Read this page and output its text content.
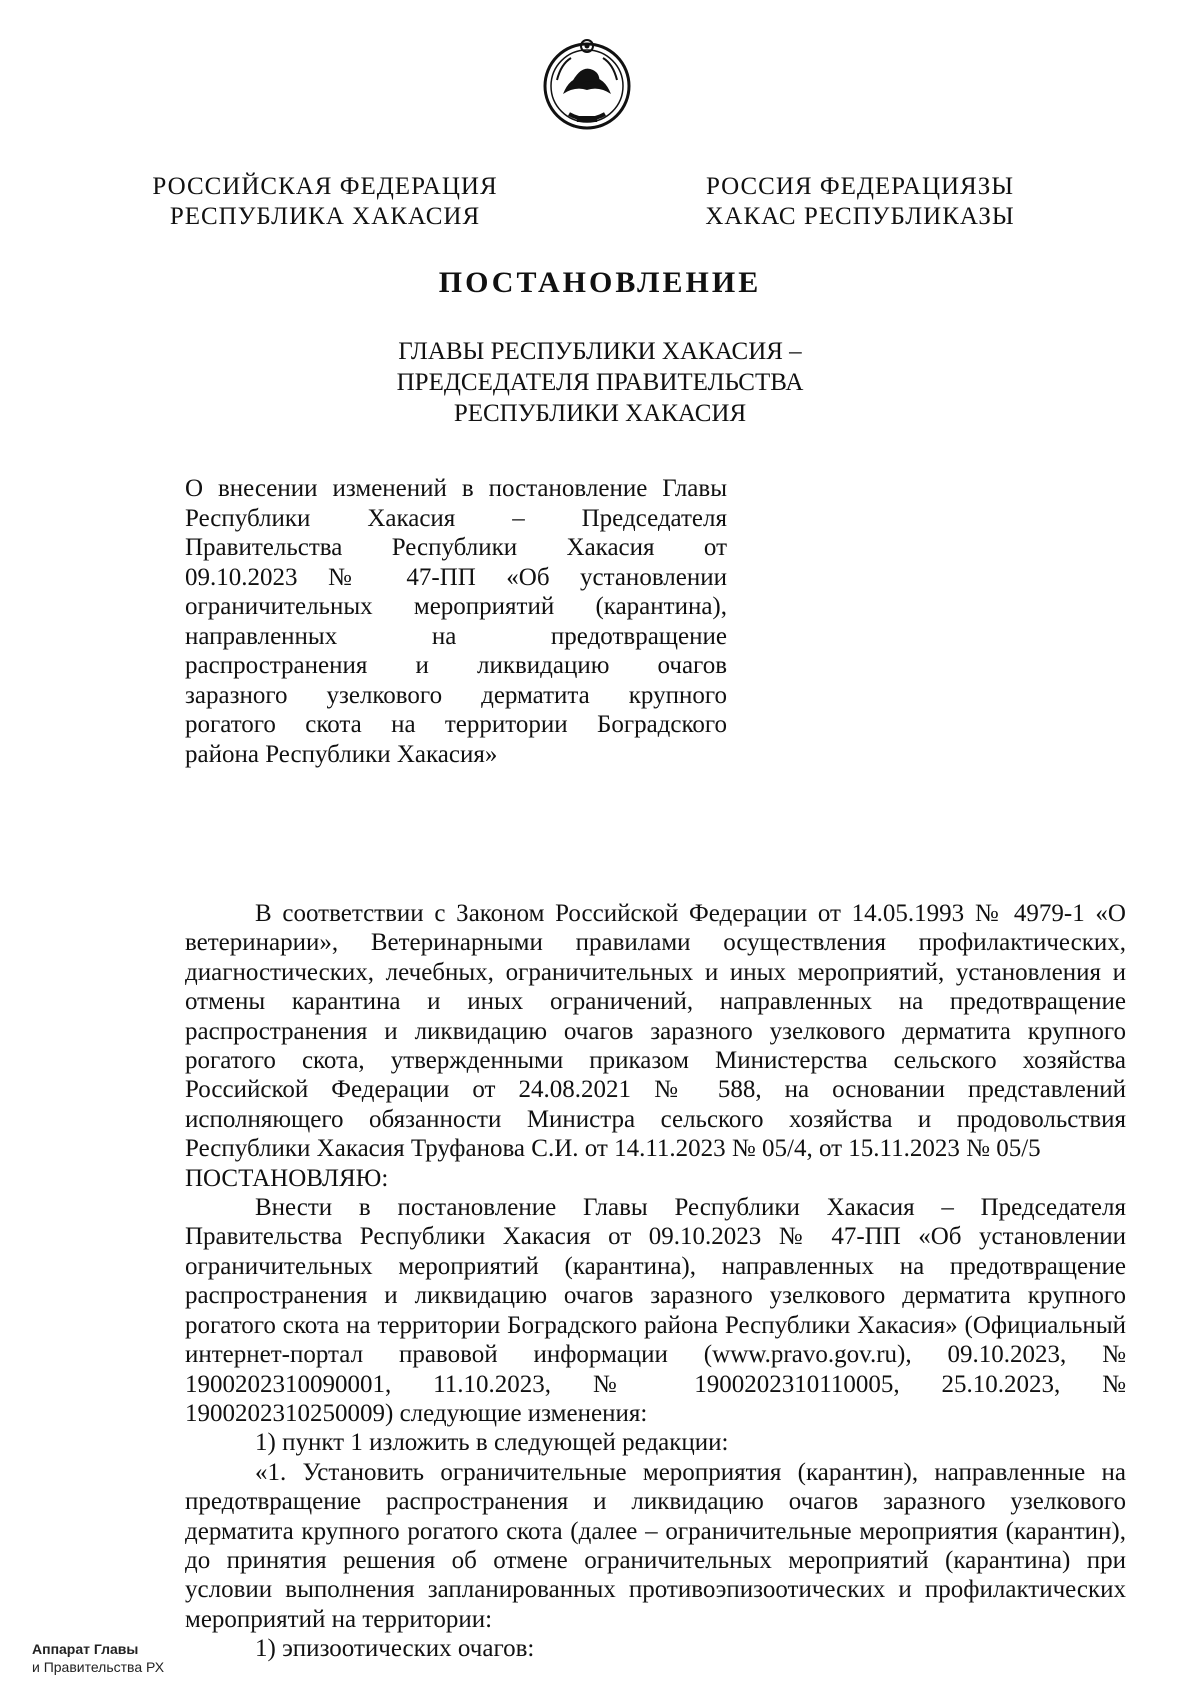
РОССИЙСКАЯ ФЕДЕРАЦИЯ
РЕСПУБЛИКА ХАКАСИЯ
РОССИЯ ФЕДЕРАЦИЯЗЫ
ХАКАС РЕСПУБЛИКАЗЫ
ПОСТАНОВЛЕНИЕ
ГЛАВЫ РЕСПУБЛИКИ ХАКАСИЯ –
ПРЕДСЕДАТЕЛЯ ПРАВИТЕЛЬСТВА
РЕСПУБЛИКИ ХАКАСИЯ
О внесении изменений в постановление Главы
Республики Хакасия – Председателя
Правительства Республики Хакасия от
09.10.2023 № 47-ПП «Об установлении
ограничительных мероприятий (карантина),
направленных на предотвращение
распространения и ликвидацию очагов
заразного узелкового дерматита крупного
рогатого скота на территории Боградского
района Республики Хакасия»

В соответствии с Законом Российской Федерации от 14.05.1993 № 4979-1 «О ветеринарии», Ветеринарными правилами осуществления профилактических, диагностических, лечебных, ограничительных и иных мероприятий, установления и отмены карантина и иных ограничений, направленных на предотвращение распространения и ликвидацию очагов заразного узелкового дерматита крупного рогатого скота, утвержденными приказом Министерства сельского хозяйства Российской Федерации от 24.08.2021 № 588, на основании представлений исполняющего обязанности Министра сельского хозяйства и продовольствия Республики Хакасия Труфанова С.И. от 14.11.2023 № 05/4, от 15.11.2023 № 05/5

ПОСТАНОВЛЯЮ:

Внести в постановление Главы Республики Хакасия – Председателя Правительства Республики Хакасия от 09.10.2023 № 47-ПП «Об установлении ограничительных мероприятий (карантина), направленных на предотвращение распространения и ликвидацию очагов заразного узелкового дерматита крупного рогатого скота на территории Боградского района Республики Хакасия» (Официальный интернет-портал правовой информации (www.pravo.gov.ru), 09.10.2023, № 1900202310090001, 11.10.2023, № 1900202310110005, 25.10.2023, № 1900202310250009) следующие изменения:

1) пункт 1 изложить в следующей редакции:

«1. Установить ограничительные мероприятия (карантин), направленные на предотвращение распространения и ликвидацию очагов заразного узелкового дерматита крупного рогатого скота (далее – ограничительные мероприятия (карантин), до принятия решения об отмене ограничительных мероприятий (карантина) при условии выполнения запланированных противоэпизоотических и профилактических мероприятий на территории:

1) эпизоотических очагов:

Аппарат Главы
и Правительства РХ
